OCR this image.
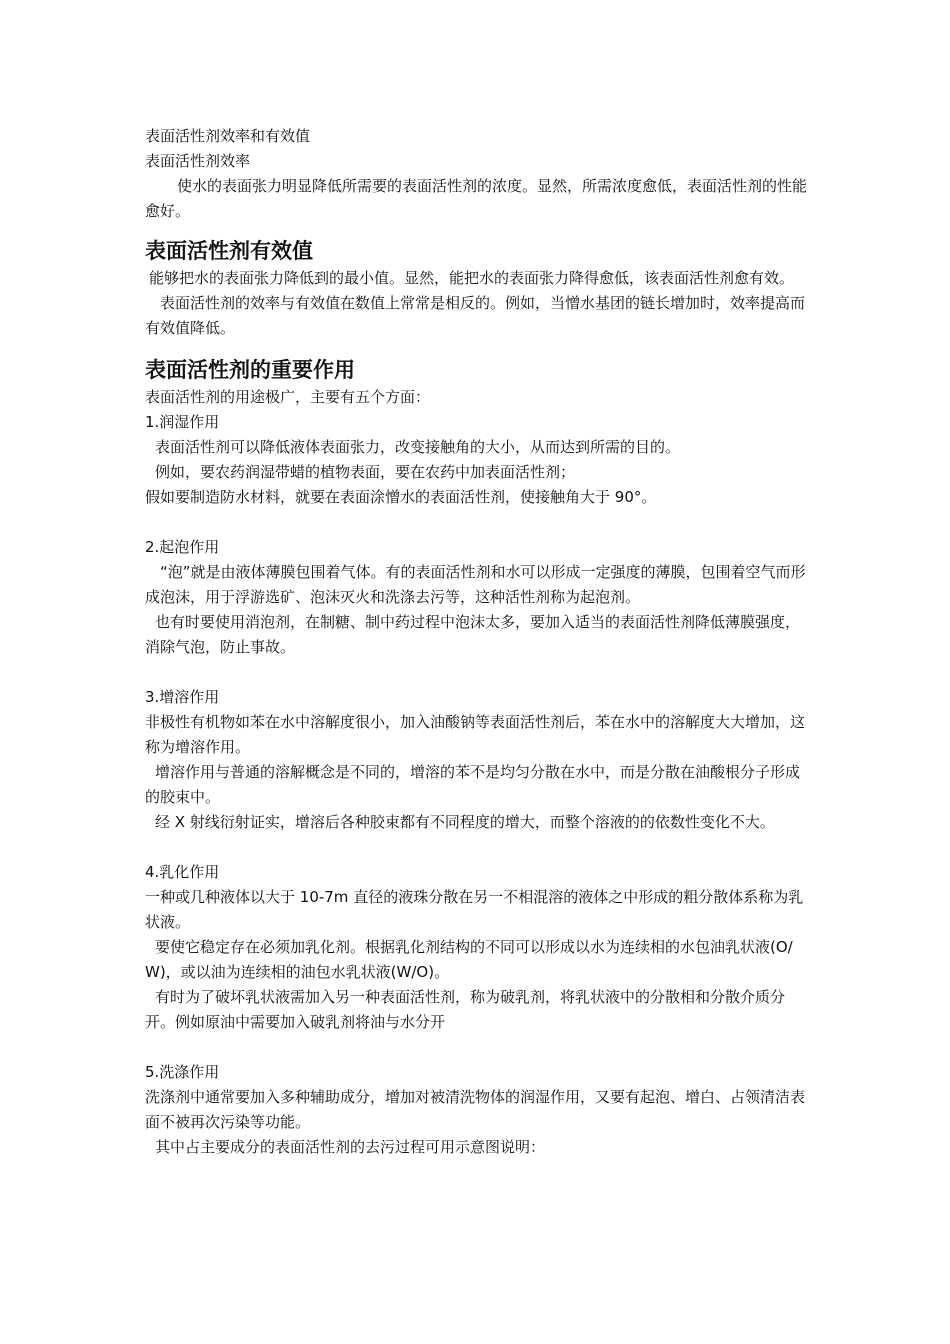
表面活性剂效率和有效值
表面活性剂效率
使水的表面张力明显降低所需要的表面活性剂的浓度。显然，所需浓度愈低，表面活性剂的性能愈好。
表面活性剂有效值
能够把水的表面张力降低到的最小值。显然，能把水的表面张力降得愈低，该表面活性剂愈有效。
表面活性剂的效率与有效值在数值上常常是相反的。例如，当憎水基团的链长增加时，效率提高而有效值降低。
表面活性剂的重要作用
表面活性剂的用途极广，主要有五个方面：
1.润湿作用
表面活性剂可以降低液体表面张力，改变接触角的大小，从而达到所需的目的。
例如，要农药润湿带蜡的植物表面，要在农药中加表面活性剂；
假如要制造防水材料，就要在表面涂憎水的表面活性剂，使接触角大于 90°。
2.起泡作用
“泡”就是由液体薄膜包围着气体。有的表面活性剂和水可以形成一定强度的薄膜，包围着空气而形成泡沫，用于浮游选矿、泡沫灭火和洗涤去污等，这种活性剂称为起泡剂。
也有时要使用消泡剂，在制糖、制中药过程中泡沫太多，要加入适当的表面活性剂降低薄膜强度，消除气泡，防止事故。
3.增溶作用
非极性有机物如苯在水中溶解度很小，加入油酸钠等表面活性剂后，苯在水中的溶解度大大增加，这称为增溶作用。
增溶作用与普通的溶解概念是不同的，增溶的苯不是均匀分散在水中，而是分散在油酸根分子形成的胶束中。
经 X 射线衍射证实，增溶后各种胶束都有不同程度的增大，而整个溶液的的依数性变化不大。
4.乳化作用
一种或几种液体以大于 10-7m 直径的液珠分散在另一不相混溶的液体之中形成的粗分散体系称为乳状液。
要使它稳定存在必须加乳化剂。根据乳化剂结构的不同可以形成以水为连续相的水包油乳状液(O/W)，或以油为连续相的油包水乳状液(W/O)。
有时为了破坏乳状液需加入另一种表面活性剂，称为破乳剂，将乳状液中的分散相和分散介质分开。例如原油中需要加入破乳剂将油与水分开
5.洗涤作用
洗涤剂中通常要加入多种辅助成分，增加对被清洗物体的润湿作用，又要有起泡、增白、占领清洁表面不被再次污染等功能。
其中占主要成分的表面活性剂的去污过程可用示意图说明：
